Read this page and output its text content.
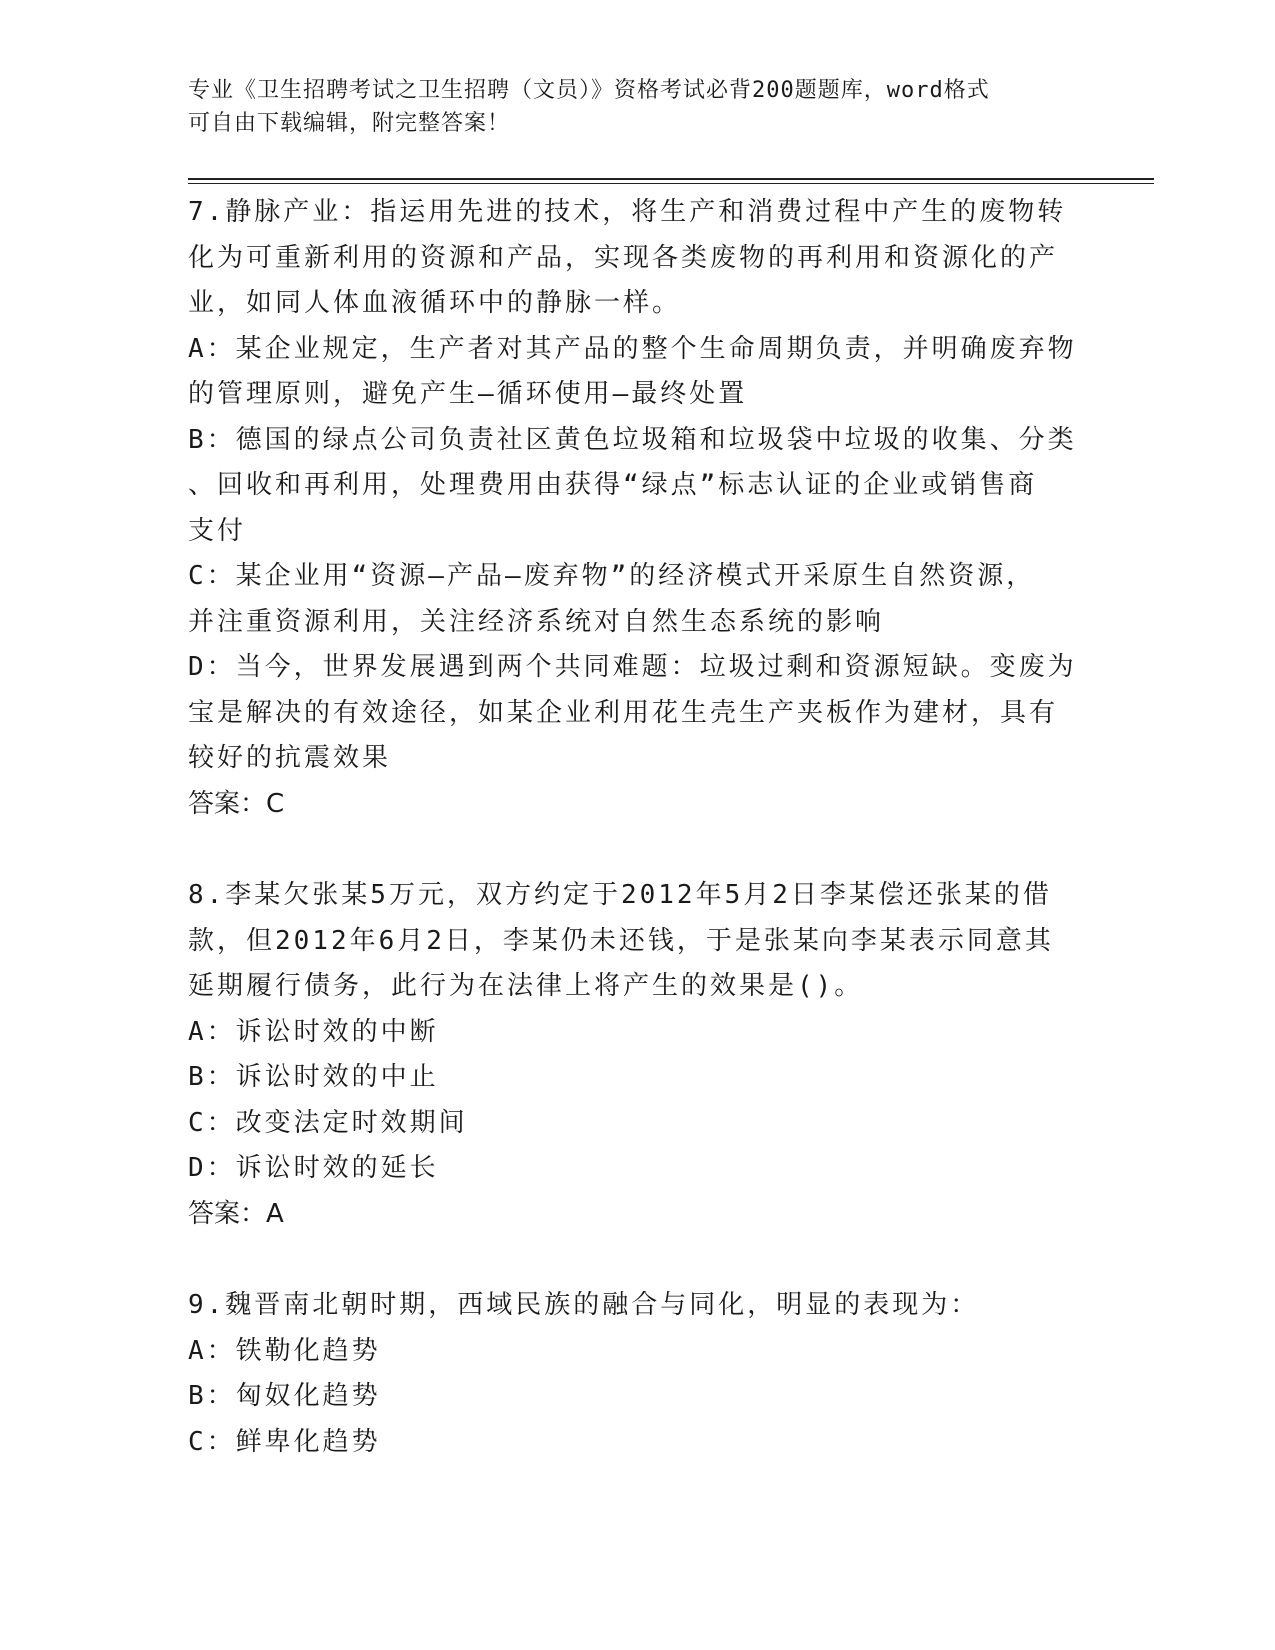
专业《卫生招聘考试之卫生招聘（文员）》资格考试必背200题题库，word格式
可自由下载编辑，附完整答案！
7.静脉产业：指运用先进的技术，将生产和消费过程中产生的废物转
化为可重新利用的资源和产品，实现各类废物的再利用和资源化的产
业，如同人体血液循环中的静脉一样。
A：某企业规定，生产者对其产品的整个生命周期负责，并明确废弃物
的管理原则，避免产生—循环使用—最终处置
B：德国的绿点公司负责社区黄色垃圾箱和垃圾袋中垃圾的收集、分类
、回收和再利用，处理费用由获得“绿点”标志认证的企业或销售商
支付
C：某企业用“资源—产品—废弃物”的经济模式开采原生自然资源，
并注重资源利用，关注经济系统对自然生态系统的影响
D：当今，世界发展遇到两个共同难题：垃圾过剩和资源短缺。变废为
宝是解决的有效途径，如某企业利用花生壳生产夹板作为建材，具有
较好的抗震效果
答案：C
8.李某欠张某5万元，双方约定于2012年5月2日李某偿还张某的借
款，但2012年6月2日，李某仍未还钱，于是张某向李某表示同意其
延期履行债务，此行为在法律上将产生的效果是()。
A：诉讼时效的中断
B：诉讼时效的中止
C：改变法定时效期间
D：诉讼时效的延长
答案：A
9.魏晋南北朝时期，西域民族的融合与同化，明显的表现为：
A：铁勒化趋势
B：匈奴化趋势
C：鲜卑化趋势
